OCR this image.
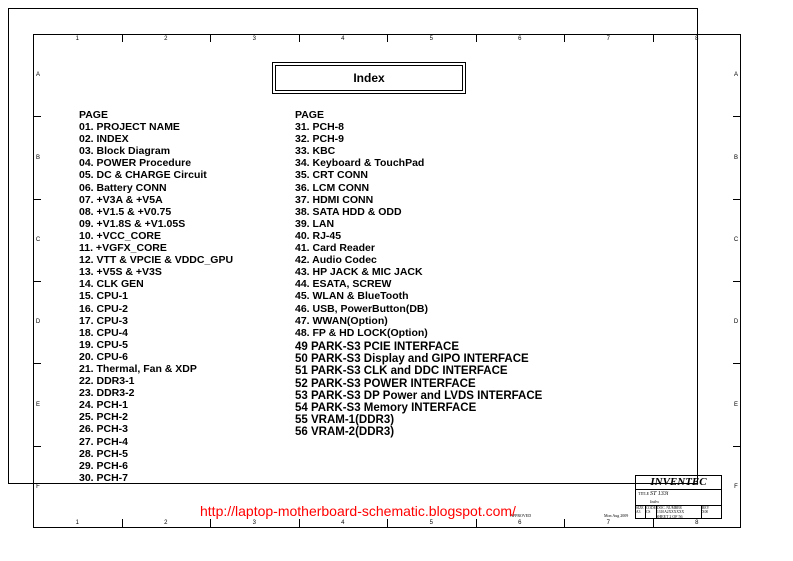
1
1
2
2
3
3
4
4
5
5
6
6
7
7
8
8
A	A
B	B
C	C
D	D
E	E
F	F
Index
PAGE
01. PROJECT NAME
02. INDEX
03. Block Diagram
04. POWER Procedure
05. DC & CHARGE Circuit
06. Battery CONN
07. +V3A & +V5A
08. +V1.5 & +V0.75
09. +V1.8S & +V1.05S
10. +VCC_CORE
11. +VGFX_CORE
12. VTT & VPCIE & VDDC_GPU
13. +V5S & +V3S
14. CLK GEN
15. CPU-1
16. CPU-2
17. CPU-3
18. CPU-4
19. CPU-5
20. CPU-6
21. Thermal, Fan & XDP
22. DDR3-1
23. DDR3-2
24. PCH-1
25. PCH-2
26. PCH-3
27. PCH-4
28. PCH-5
29. PCH-6
30. PCH-7
PAGE
31. PCH-8
32. PCH-9
33. KBC
34. Keyboard & TouchPad
35. CRT CONN
36. LCM CONN
37. HDMI CONN
38. SATA HDD & ODD
39. LAN
40. RJ-45
41. Card Reader
42. Audio Codec
43. HP JACK & MIC JACK
44. ESATA, SCREW
45. WLAN & BlueTooth
46. USB, PowerButton(DB)
47. WWAN(Option)
48. FP & HD LOCK(Option)
49 PARK-S3 PCIE INTERFACE
50 PARK-S3 Display and GIPO INTERFACE
51 PARK-S3 CLK and DDC INTERFACE
52 PARK-S3 POWER INTERFACE
53 PARK-S3 DP Power and LVDS INTERFACE
54 PARK-S3 Memory INTERFACE
55 VRAM-1(DDR3)
56 VRAM-2(DDR3)
INVENTEC
TITLE ST 133i
Index
SIZE
A3
CODE
CS
DOC. NUMBER
1310A2XXXXXX
REV
X00
SHEET 2 OF 56
APPROVED	Mon Aug 2009
http://laptop-motherboard-schematic.blogspot.com/
